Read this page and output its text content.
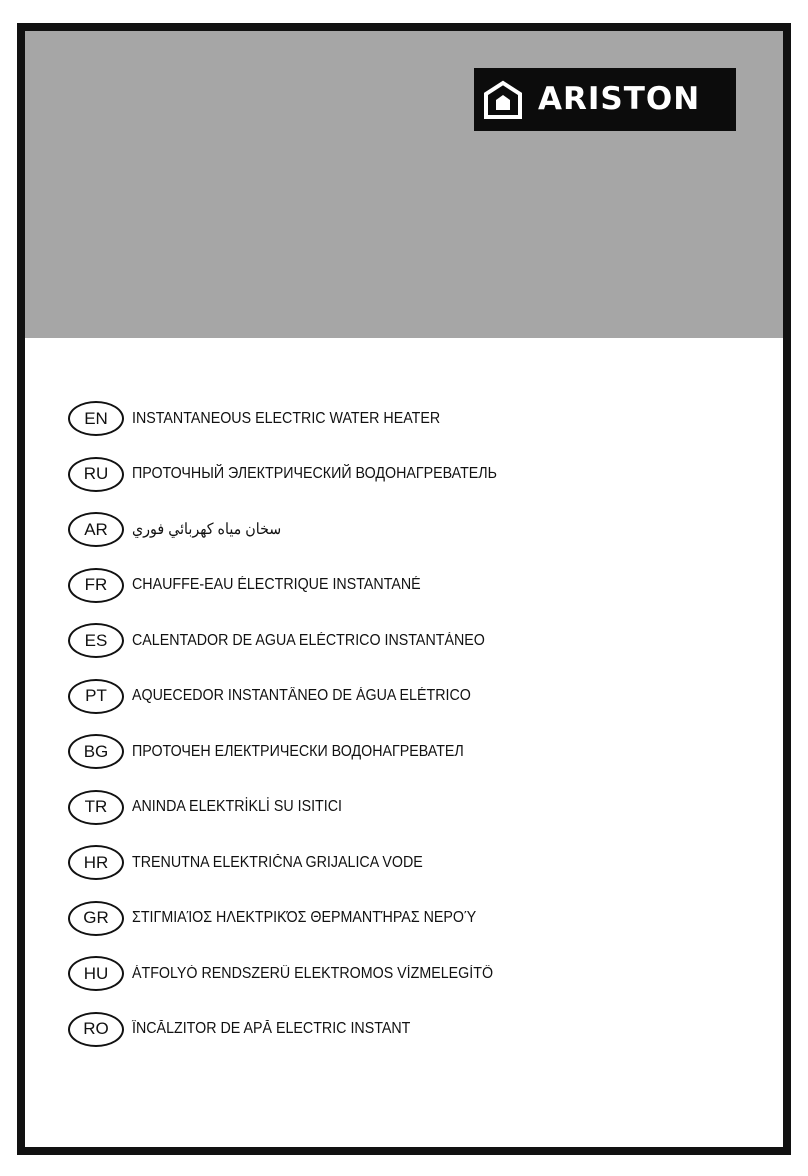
ARISTON
EN	INSTANTANEOUS ELECTRIC WATER HEATER
RU	ПРОТОЧНЫЙ ЭЛЕКТРИЧЕСКИЙ ВОДОНАГРЕВАТЕЛЬ
AR	سخان مياه كهربائي فوري
FR	CHAUFFE-EAU ÉLECTRIQUE INSTANTANÉ
ES	CALENTADOR DE AGUA ELÉCTRICO INSTANTÁNEO
PT	AQUECEDOR INSTANTÂNEO DE ÁGUA ELÉTRICO
BG	ПРОТОЧЕН ЕЛЕКТРИЧЕСКИ ВОДОНАГРЕВАТЕЛ
TR	ANINDA ELEKTRİKLİ SU ISITICI
HR	TRENUTNA ELEKTRIČNA GRIJALICA VODE
GR	ΣΤΙΓΜΙΑΊΟΣ ΗΛΕΚΤΡΙΚΌΣ ΘΕΡΜΑΝΤΉΡΑΣ ΝΕΡΟΎ
HU	ÁTFOLYÓ RENDSZERŰ ELEKTROMOS VÍZMELEGÍTŐ
RO	ÎNCĂLZITOR DE APĂ ELECTRIC INSTANT
